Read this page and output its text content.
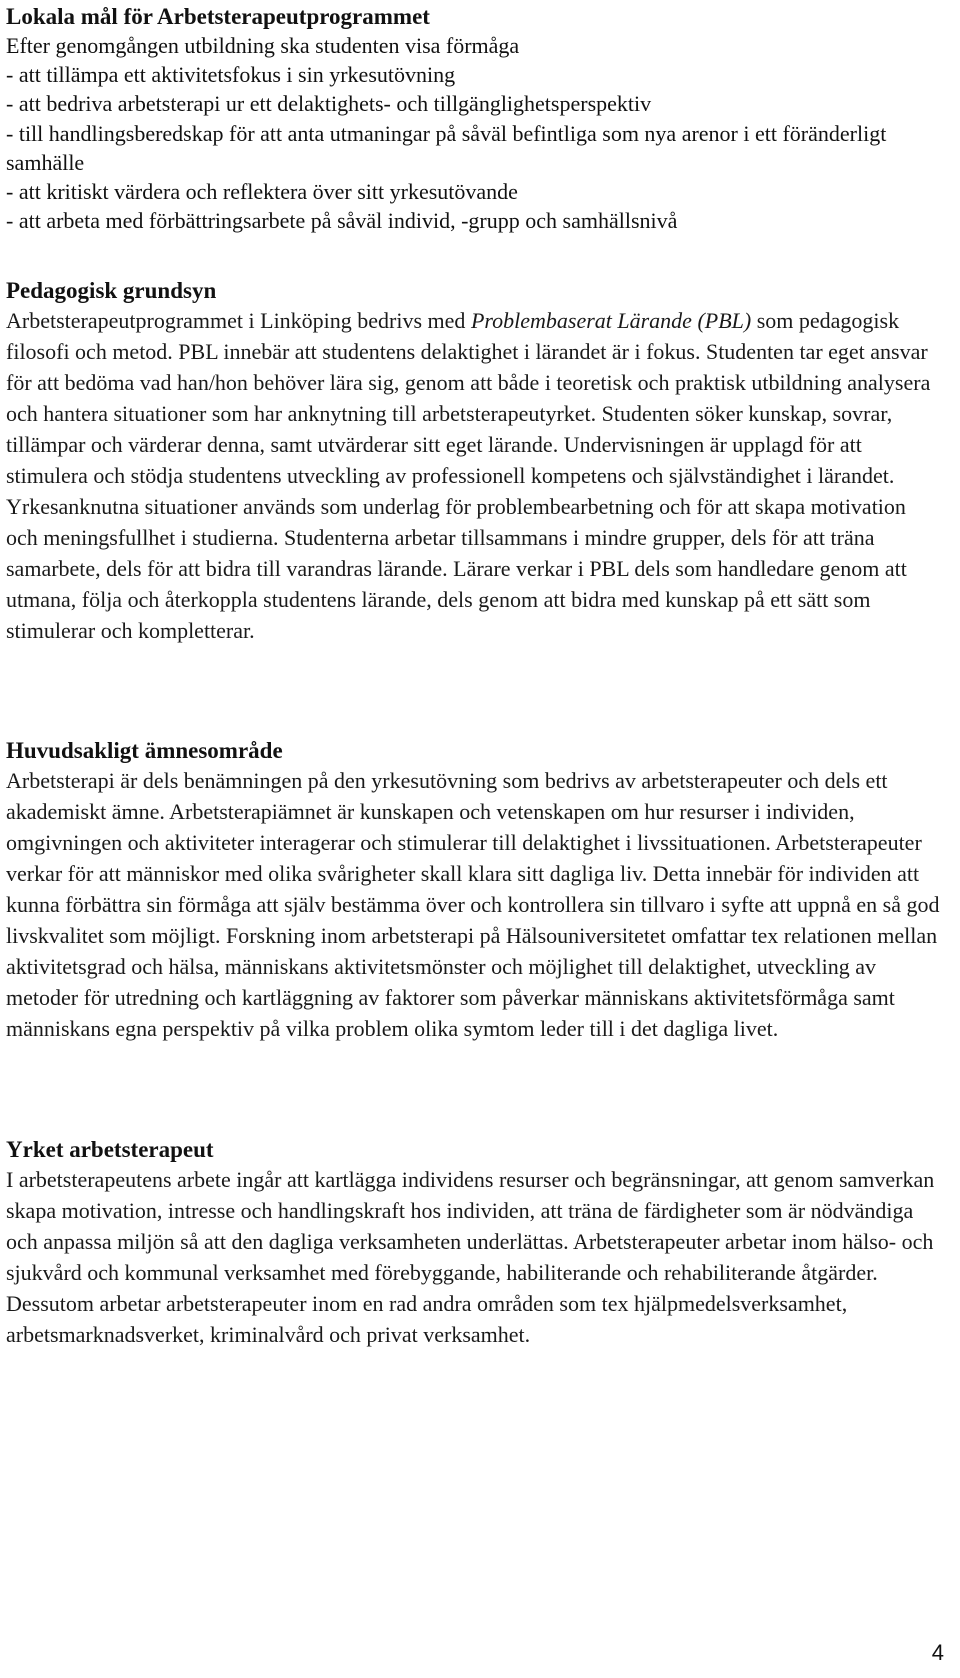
Lokala mål för Arbetsterapeutprogrammet
Efter genomgången utbildning ska studenten visa förmåga
- att tillämpa ett aktivitetsfokus i sin yrkesutövning
- att bedriva arbetsterapi ur ett delaktighets- och tillgänglighetsperspektiv
- till handlingsberedskap för att anta utmaningar på såväl befintliga som nya arenor i ett föränderligt samhälle
- att kritiskt värdera och reflektera över sitt yrkesutövande
- att arbeta med förbättringsarbete på såväl individ, -grupp och samhällsnivå
Pedagogisk grundsyn

Arbetsterapeutprogrammet i Linköping bedrivs med Problembaserat Lärande (PBL) som pedagogisk filosofi och metod. PBL innebär att studentens delaktighet i lärandet är i fokus. Studenten tar eget ansvar för att bedöma vad han/hon behöver lära sig, genom att både i teoretisk och praktisk utbildning analysera och hantera situationer som har anknytning till arbetsterapeutyrket. Studenten söker kunskap, sovrar, tillämpar och värderar denna, samt utvärderar sitt eget lärande. Undervisningen är upplagd för att stimulera och stödja studentens utveckling av professionell kompetens och självständighet i lärandet. Yrkesanknutna situationer används som underlag för problembearbetning och för att skapa motivation och meningsfullhet i studierna. Studenterna arbetar tillsammans i mindre grupper, dels för att träna samarbete, dels för att bidra till varandras lärande. Lärare verkar i PBL dels som handledare genom att utmana, följa och återkoppla studentens lärande, dels genom att bidra med kunskap på ett sätt som stimulerar och kompletterar.

Huvudsakligt ämnesområde

Arbetsterapi är dels benämningen på den yrkesutövning som bedrivs av arbetsterapeuter och dels ett akademiskt ämne. Arbetsterapiämnet är kunskapen och vetenskapen om hur resurser i individen, omgivningen och aktiviteter interagerar och stimulerar till delaktighet i livssituationen. Arbetsterapeuter verkar för att människor med olika svårigheter skall klara sitt dagliga liv. Detta innebär för individen att kunna förbättra sin förmåga att själv bestämma över och kontrollera sin tillvaro i syfte att uppnå en så god livskvalitet som möjligt. Forskning inom arbetsterapi på Hälsouniversitetet omfattar tex relationen mellan aktivitetsgrad och hälsa, människans aktivitetsmönster och möjlighet till delaktighet, utveckling av metoder för utredning och kartläggning av faktorer som påverkar människans aktivitetsförmåga samt människans egna perspektiv på vilka problem olika symtom leder till i det dagliga livet.

Yrket arbetsterapeut

I arbetsterapeutens arbete ingår att kartlägga individens resurser och begränsningar, att genom samverkan skapa motivation, intresse och handlingskraft hos individen, att träna de färdigheter som är nödvändiga och anpassa miljön så att den dagliga verksamheten underlättas. Arbetsterapeuter arbetar inom hälso- och sjukvård och kommunal verksamhet med förebyggande, habiliterande och rehabiliterande åtgärder. Dessutom arbetar arbetsterapeuter inom en rad andra områden som tex hjälpmedelsverksamhet, arbetsmarknadsverket, kriminalvård och privat verksamhet.

4
